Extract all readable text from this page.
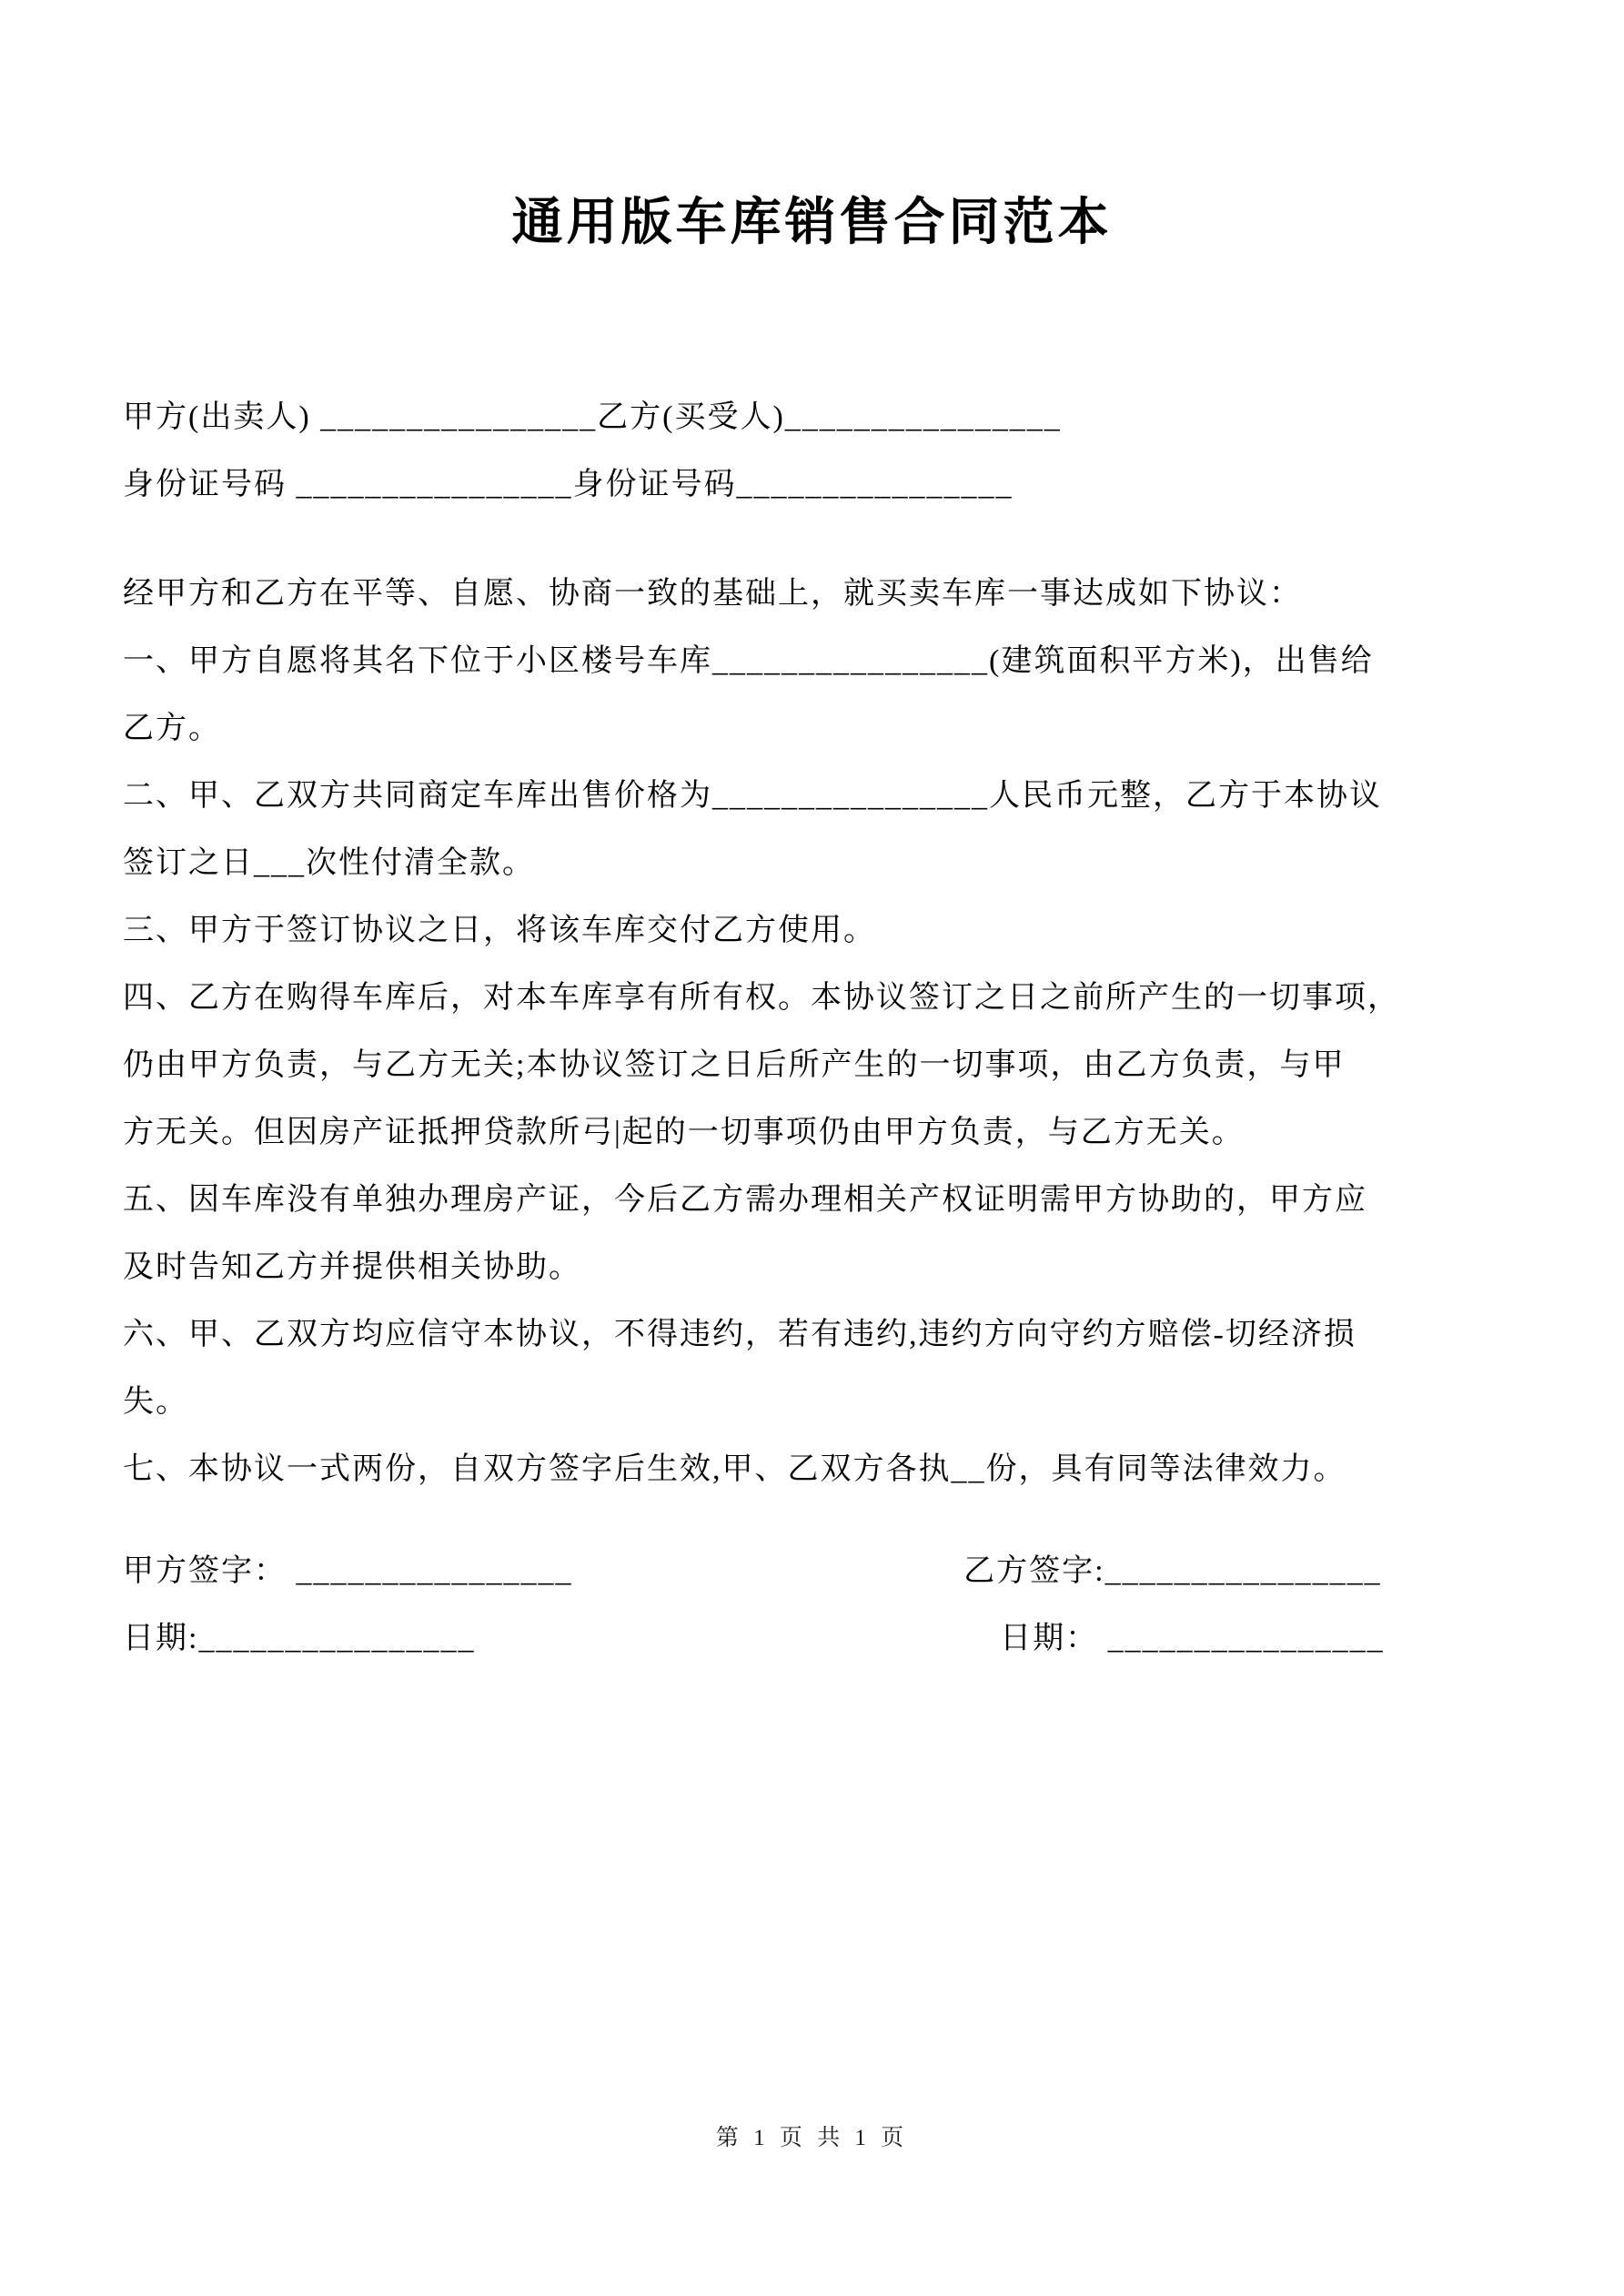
通用版车库销售合同范本
甲方(出卖人) ________________乙方(买受人)________________
身份证号码 ________________身份证号码________________
经甲方和乙方在平等、自愿、协商一致的基础上，就买卖车库一事达成如下协议：
一、甲方自愿将其名下位于小区楼号车库________________(建筑面积平方米)，出售给
乙方。
二、甲、乙双方共同商定车库出售价格为________________人民币元整，乙方于本协议
签订之日___次性付清全款。
三、甲方于签订协议之日，将该车库交付乙方使用。
四、乙方在购得车库后，对本车库享有所有权。本协议签订之日之前所产生的一切事项，
仍由甲方负责，与乙方无关;本协议签订之日后所产生的一切事项，由乙方负责，与甲
方无关。但因房产证抵押贷款所弓|起的一切事项仍由甲方负责，与乙方无关。
五、因车库没有单独办理房产证，今后乙方需办理相关产权证明需甲方协助的，甲方应
及时告知乙方并提供相关协助。
六、甲、乙双方均应信守本协议，不得违约，若有违约,违约方向守约方赔偿-切经济损
失。
七、本协议一式两份，自双方签字后生效,甲、乙双方各执__份，具有同等法律效力。
甲方签字： ________________	乙方签字:________________
日期:________________	日期： ________________
第 1 页 共 1 页
